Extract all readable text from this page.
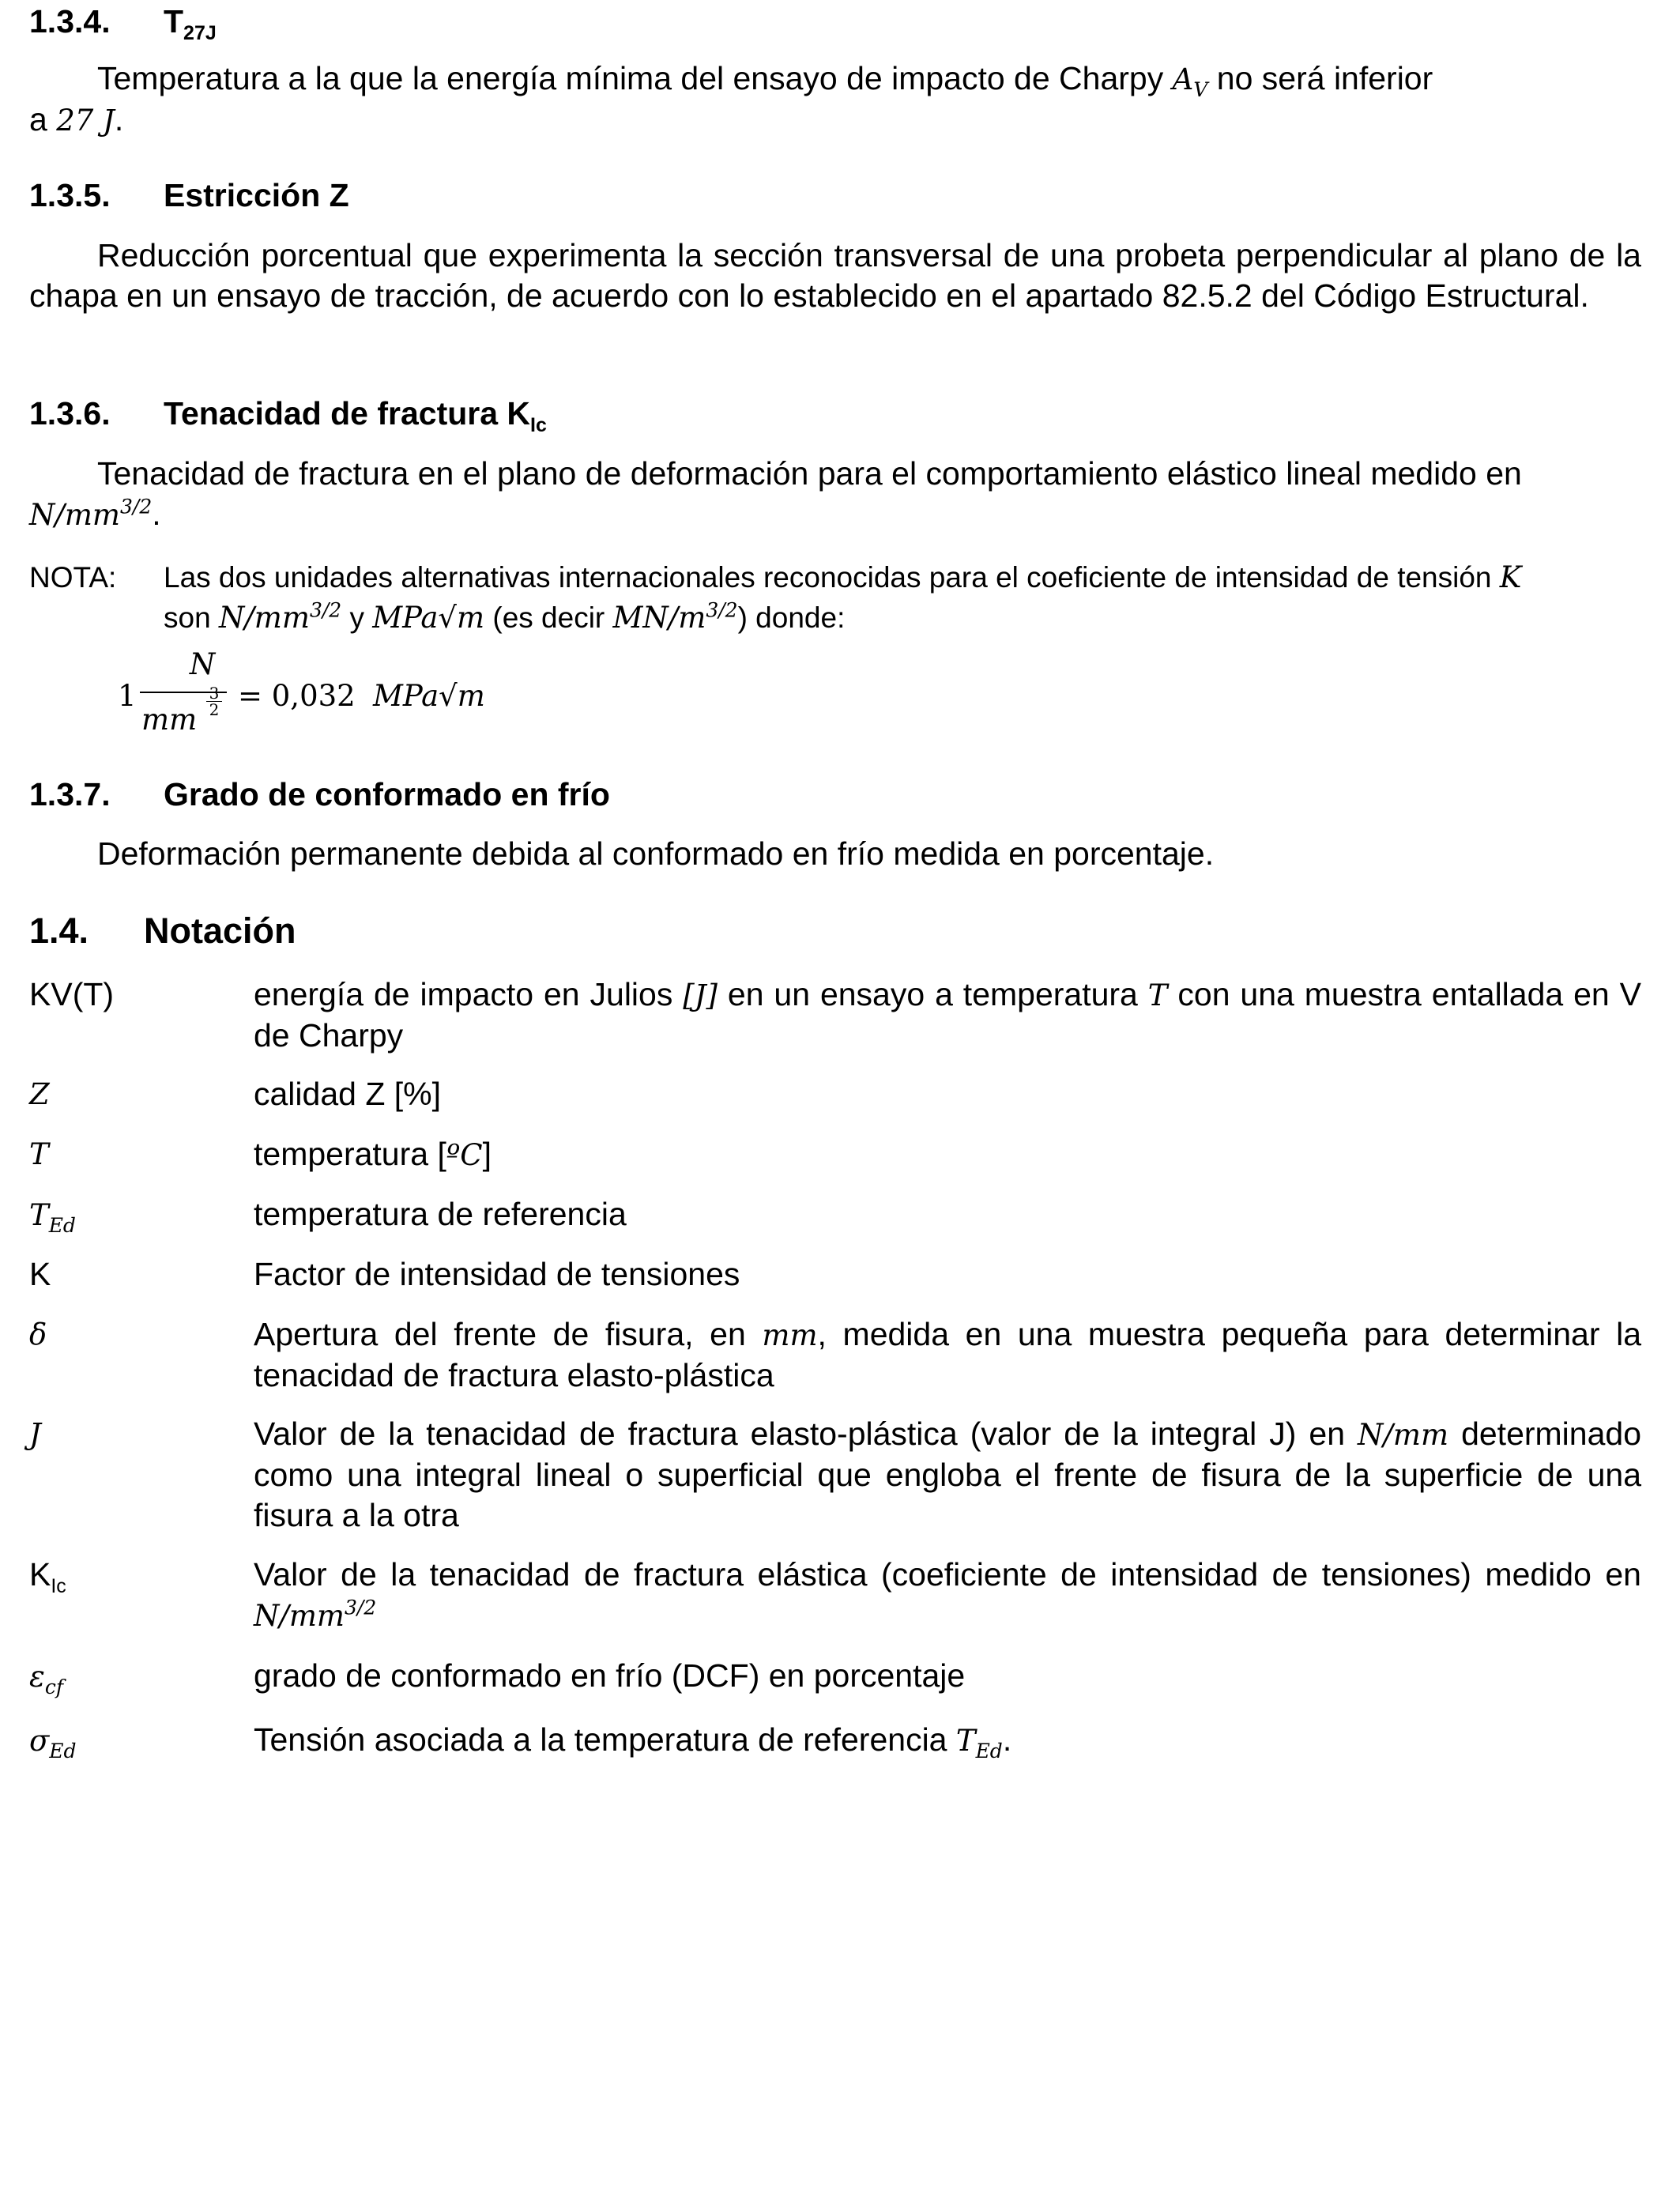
1.3.4. $T_{27J}$
Temperatura a la que la energía mínima del ensayo de impacto de Charpy $A_V$ no será inferior
a 27 J.
1.3.5. Estricción Z
Reducción porcentual que experimenta la sección transversal de una probeta perpendicular al plano de la chapa en un ensayo de tracción, de acuerdo con lo establecido en el apartado 82.5.2 del Código Estructural.
1.3.6. Tenacidad de fractura $K_{Ic}$
Tenacidad de fractura en el plano de deformación para el comportamiento elástico lineal medido en
$N/mm^{3/2}$.
NOTA: Las dos unidades alternativas internacionales reconocidas para el coeficiente de intensidad de tensión K
son $N/mm^{3/2}$ y MPa√m (es decir $MN/m^{3/2}$) donde:
1
N
mm
3
2 = 0,032 MPa√m
1.3.7. Grado de conformado en frío
Deformación permanente debida al conformado en frío medida en porcentaje.
1.4. Notación
KV(T)	energía de impacto en Julios [J] en un ensayo a temperatura T con una muestra entallada en V de Charpy
Z	calidad Z [%]
T	temperatura [ºC]
$T_{Ed}$	temperatura de referencia
K	Factor de intensidad de tensiones
δ	Apertura del frente de fisura, en mm, medida en una muestra pequeña para determinar la tenacidad de fractura elasto-plástica
J	Valor de la tenacidad de fractura elasto-plástica (valor de la integral J) en N/mm determinado como una integral lineal o superficial que engloba el frente de fisura de la superficie de una fisura a la otra
$K_{Ic}$	Valor de la tenacidad de fractura elástica (coeficiente de intensidad de tensiones) medido en $N/mm^{3/2}$
$\varepsilon_{cf}$	grado de conformado en frío (DCF) en porcentaje
$\sigma_{Ed}$	Tensión asociada a la temperatura de referencia $T_{Ed}$.
